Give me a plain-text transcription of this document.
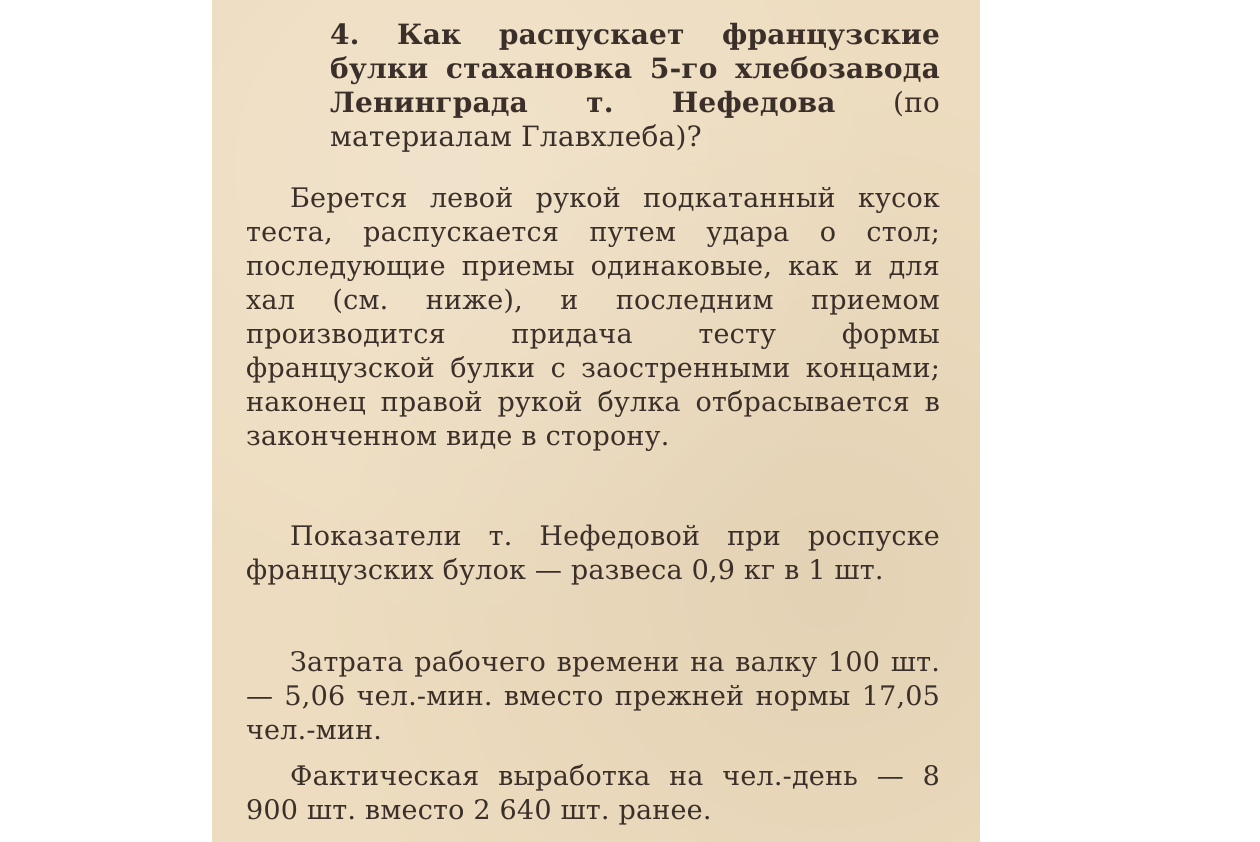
4. Как распускает французские булки стахановка 5-го хлебозавода Ленинграда т. Нефедова (по материалам Главхлеба)?

Берется левой рукой подкатанный кусок теста, распускается путем удара о стол; последующие приемы одинаковые, как и для хал (см. ниже), и последним приемом производится придача тесту формы французской булки с заостренными концами; наконец правой рукой булка отбрасывается в законченном виде в сторону.

Показатели т. Нефедовой при роспуске французских булок — развеса 0,9 кг в 1 шт.

Затрата рабочего времени на валку 100 шт. — 5,06 чел.-мин. вместо прежней нормы 17,05 чел.-мин.

Фактическая выработка на чел.-день — 8 900 шт. вместо 2 640 шт. ранее.
